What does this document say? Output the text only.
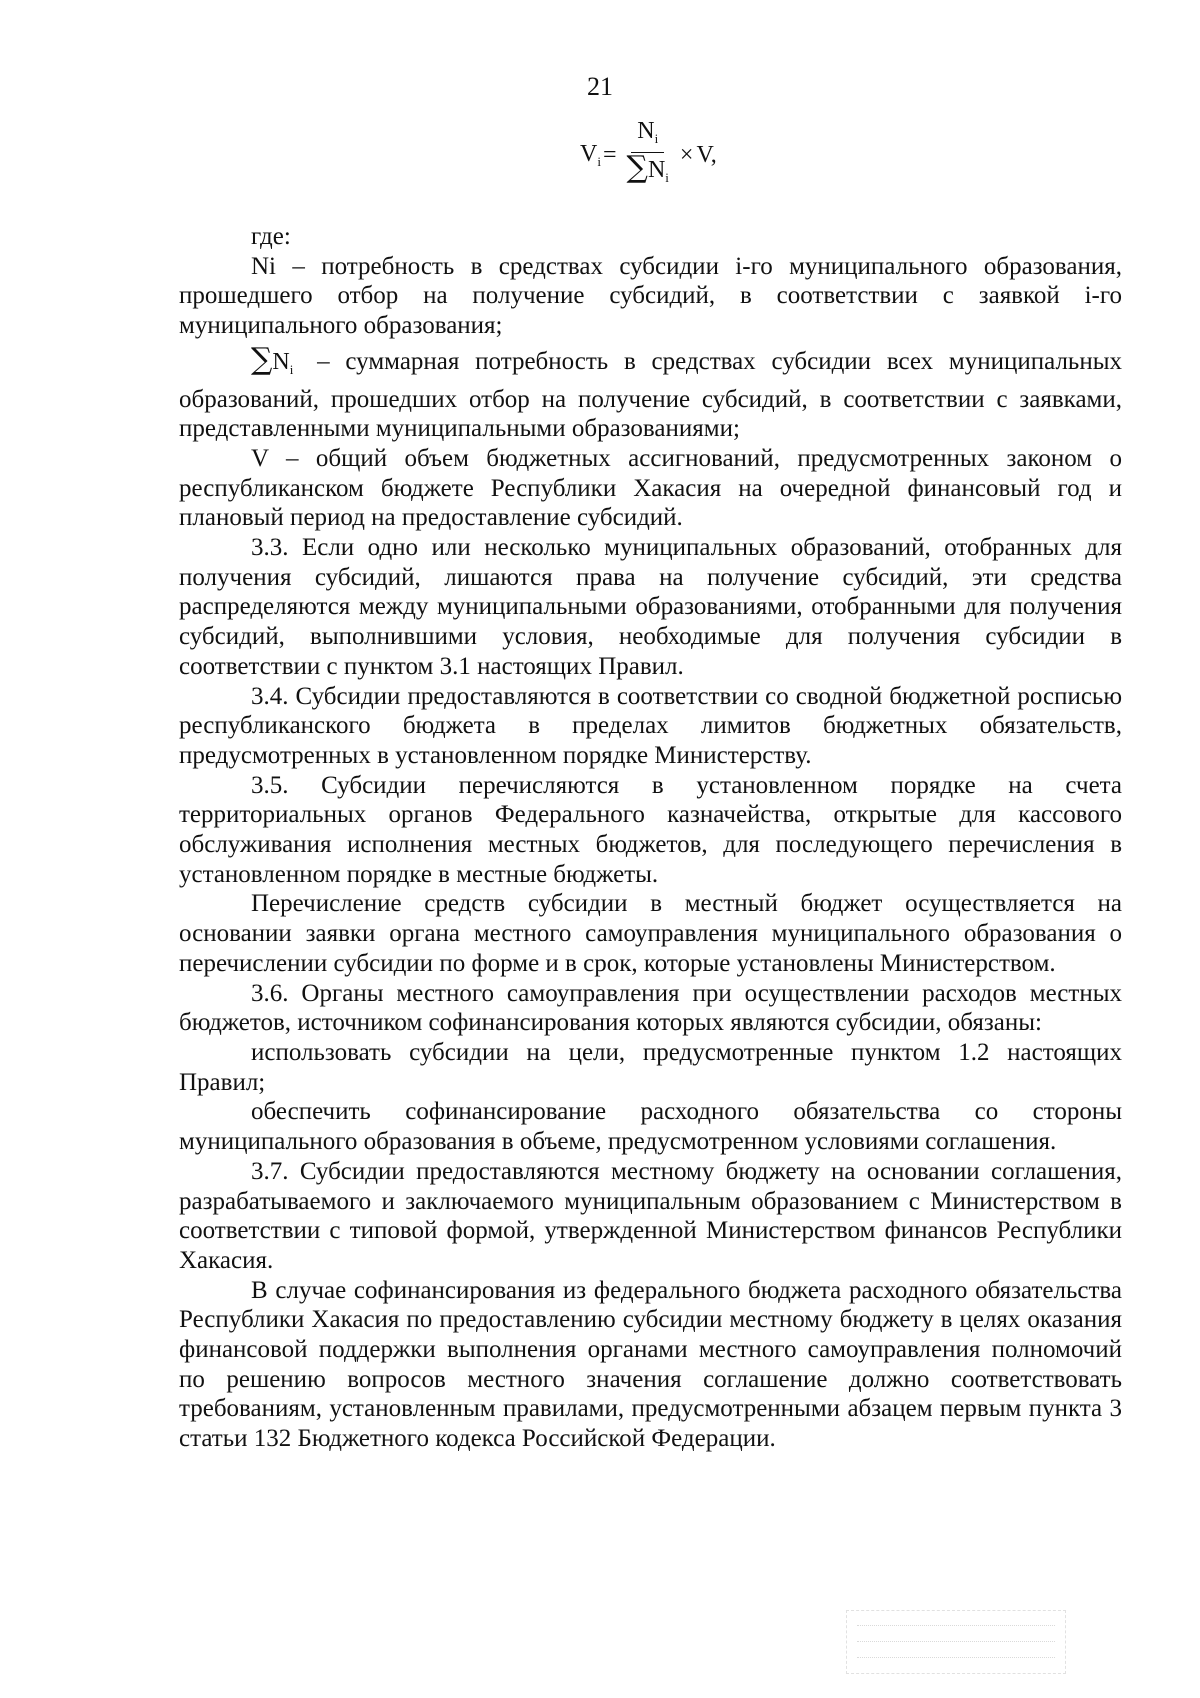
21
$V_i = \frac{N_i}{\sum N_i} \times V$,

где:

Ni – потребность в средствах субсидии i-го муниципального образования, прошедшего отбор на получение субсидий, в соответствии с заявкой i-го муниципального образования;

$\sum N_i$ – суммарная потребность в средствах субсидии всех муниципальных образований, прошедших отбор на получение субсидий, в соответствии с заявками, представленными муниципальными образованиями;

V – общий объем бюджетных ассигнований, предусмотренных законом о республиканском бюджете Республики Хакасия на очередной финансовый год и плановый период на предоставление субсидий.

3.3. Если одно или несколько муниципальных образований, отобранных для получения субсидий, лишаются права на получение субсидий, эти средства распределяются между муниципальными образованиями, отобранными для получения субсидий, выполнившими условия, необходимые для получения субсидии в соответствии с пунктом 3.1 настоящих Правил.

3.4. Субсидии предоставляются в соответствии со сводной бюджетной росписью республиканского бюджета в пределах лимитов бюджетных обязательств, предусмотренных в установленном порядке Министерству.

3.5. Субсидии перечисляются в установленном порядке на счета территориальных органов Федерального казначейства, открытые для кассового обслуживания исполнения местных бюджетов, для последующего перечисления в установленном порядке в местные бюджеты.

Перечисление средств субсидии в местный бюджет осуществляется на основании заявки органа местного самоуправления муниципального образования о перечислении субсидии по форме и в срок, которые установлены Министерством.

3.6. Органы местного самоуправления при осуществлении расходов местных бюджетов, источником софинансирования которых являются субсидии, обязаны:

использовать субсидии на цели, предусмотренные пунктом 1.2 настоящих Правил;

обеспечить софинансирование расходного обязательства со стороны муниципального образования в объеме, предусмотренном условиями соглашения.

3.7. Субсидии предоставляются местному бюджету на основании соглашения, разрабатываемого и заключаемого муниципальным образованием с Министерством в соответствии с типовой формой, утвержденной Министерством финансов Республики Хакасия.

В случае софинансирования из федерального бюджета расходного обязательства Республики Хакасия по предоставлению субсидии местному бюджету в целях оказания финансовой поддержки выполнения органами местного самоуправления полномочий по решению вопросов местного значения соглашение должно соответствовать требованиям, установленным правилами, предусмотренными абзацем первым пункта 3 статьи 132 Бюджетного кодекса Российской Федерации.
